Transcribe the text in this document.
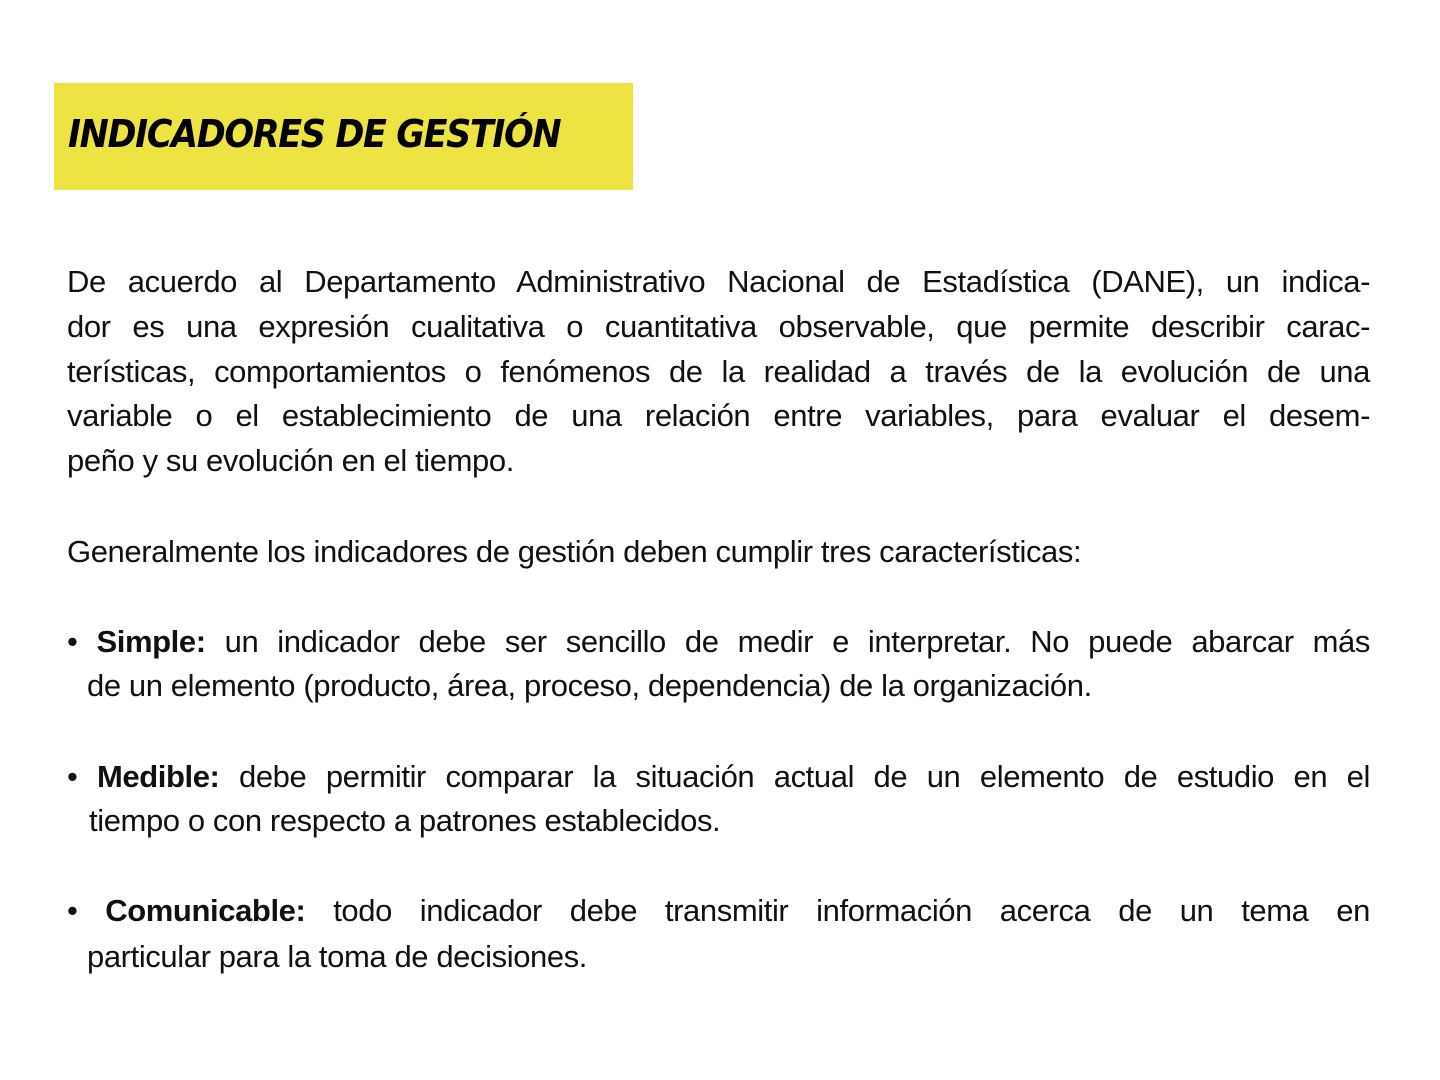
INDICADORES DE GESTIÓN
De acuerdo al Departamento Administrativo Nacional de Estadística (DANE), un indica-
dor es una expresión cualitativa o cuantitativa observable, que permite describir carac-
terísticas, comportamientos o fenómenos de la realidad a través de la evolución de una
variable o el establecimiento de una relación entre variables, para evaluar el desem-
peño y su evolución en el tiempo.
Generalmente los indicadores de gestión deben cumplir tres características:
• Simple: un indicador debe ser sencillo de medir e interpretar. No puede abarcar más
de un elemento (producto, área, proceso, dependencia) de la organización.
• Medible: debe permitir comparar la situación actual de un elemento de estudio en el
tiempo o con respecto a patrones establecidos.
• Comunicable: todo indicador debe transmitir información acerca de un tema en
particular para la toma de decisiones.
